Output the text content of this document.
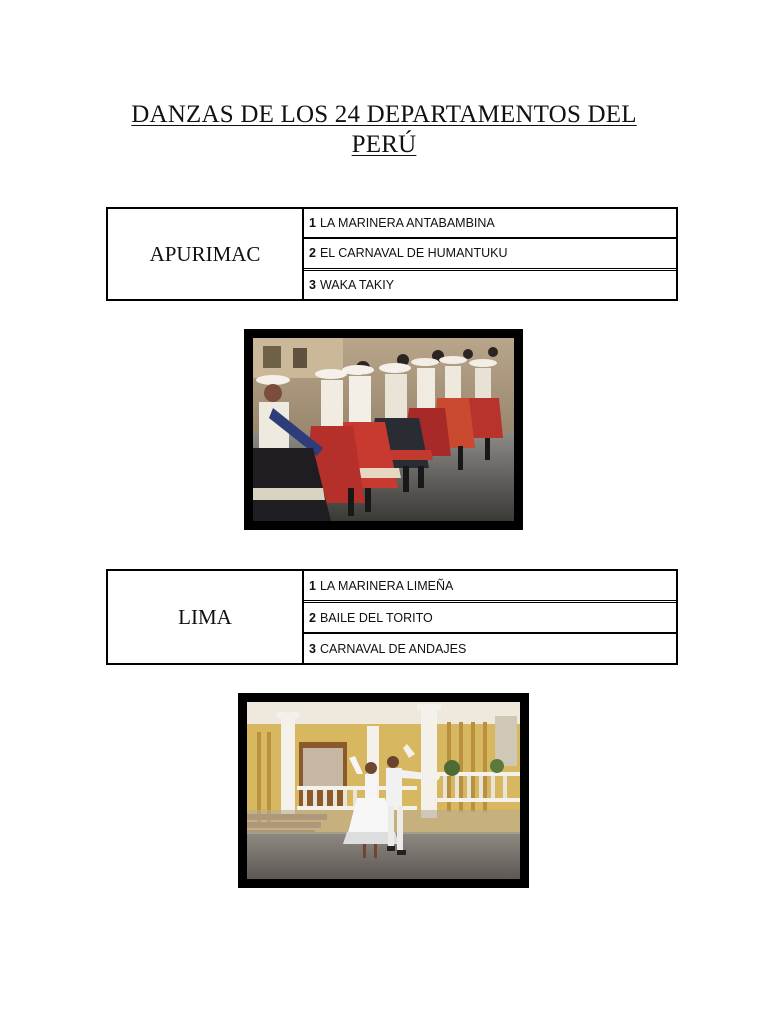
DANZAS DE LOS 24 DEPARTAMENTOS DEL
PERÚ
APURIMAC
1 LA MARINERA ANTABAMBINA
2 EL CARNAVAL DE HUMANTUKU
3 WAKA TAKIY
LIMA
1 LA MARINERA LIMEÑA
2 BAILE DEL TORITO
3 CARNAVAL DE ANDAJES
